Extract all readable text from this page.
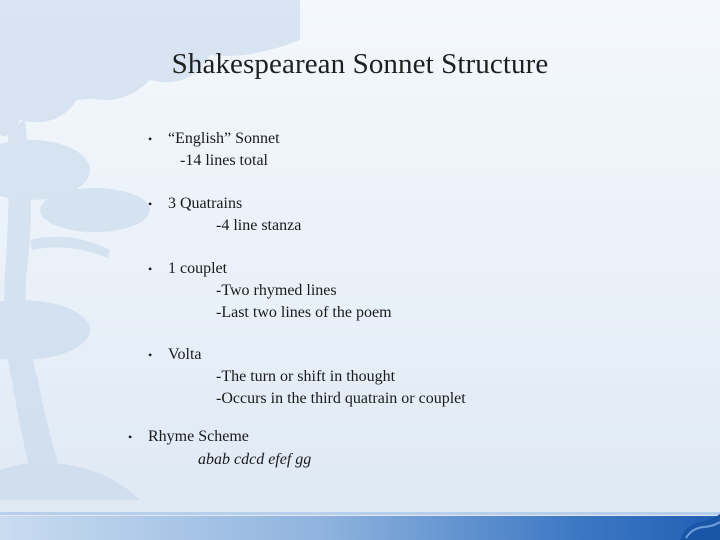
Shakespearean Sonnet Structure
• “English” Sonnet
-14 lines total
• 3 Quatrains
-4 line stanza
• 1 couplet
-Two rhymed lines
-Last two lines of the poem
• Volta
-The turn or shift in thought
-Occurs in the third quatrain or couplet
• Rhyme Scheme
abab cdcd efef gg
